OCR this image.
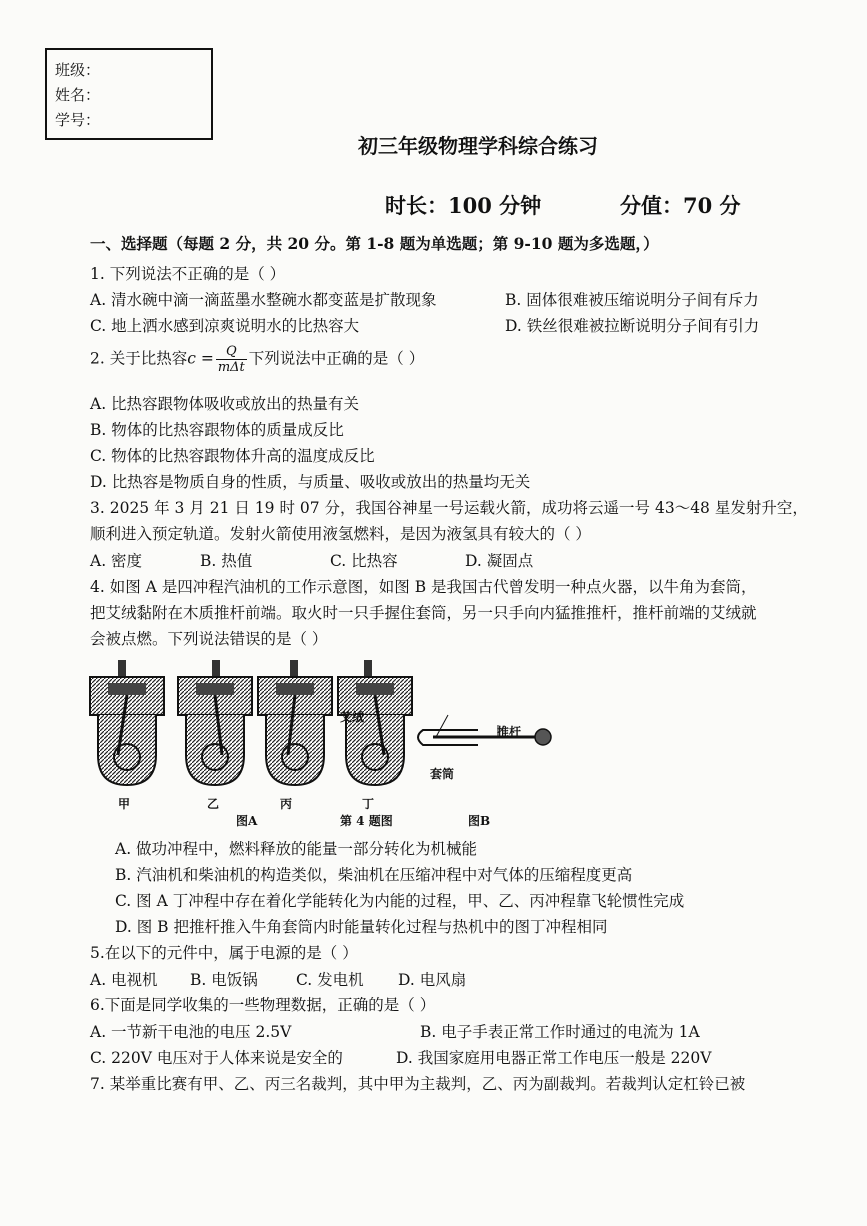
班级：
姓名：
学号：
初三年级物理学科综合练习
时长：100 分钟	分值：70 分
一、选择题（每题 2 分，共 20 分。第 1-8 题为单选题；第 9-10 题为多选题，）
1. 下列说法不正确的是（ ）
A. 清水碗中滴一滴蓝墨水整碗水都变蓝是扩散现象	B. 固体很难被压缩说明分子间有斥力
C. 地上洒水感到凉爽说明水的比热容大	D. 铁丝很难被拉断说明分子间有引力
2. 关于比热容$c = \frac{Q}{\text{mΔt}}$ 下列说法中正确的是（ ）
A. 比热容跟物体吸收或放出的热量有关
B. 物体的比热容跟物体的质量成反比
C. 物体的比热容跟物体升高的温度成反比
D. 比热容是物质自身的性质，与质量、吸收或放出的热量均无关
3. 2025 年 3 月 21 日 19 时 07 分，我国谷神星一号运载火箭，成功将云遥一号 43～48 星发射升空，
顺利进入预定轨道。发射火箭使用液氢燃料，是因为液氢具有较大的（ ）
A. 密度	B. 热值	C. 比热容	D. 凝固点
4. 如图 A 是四冲程汽油机的工作示意图，如图 B 是我国古代曾发明一种点火器，以牛角为套筒，
把艾绒黏附在木质推杆前端。取火时一只手握住套筒，另一只手向内猛推推杆，推杆前端的艾绒就
会被点燃。下列说法错误的是（ ）
艾绒
推杆
套筒
甲	乙	丙	丁
图A	第 4 题图	图B
A. 做功冲程中，燃料释放的能量一部分转化为机械能
B. 汽油机和柴油机的构造类似，柴油机在压缩冲程中对气体的压缩程度更高
C. 图 A 丁冲程中存在着化学能转化为内能的过程，甲、乙、丙冲程靠飞轮惯性完成
D. 图 B 把推杆推入牛角套筒内时能量转化过程与热机中的图丁冲程相同
5.在以下的元件中，属于电源的是（ ）
A. 电视机 B. 电饭锅 C. 发电机 D. 电风扇
6.下面是同学收集的一些物理数据，正确的是（ ）
A. 一节新干电池的电压 2.5V	B. 电子手表正常工作时通过的电流为 1A
C. 220V 电压对于人体来说是安全的	D. 我国家庭用电器正常工作电压一般是 220V
7. 某举重比赛有甲、乙、丙三名裁判，其中甲为主裁判，乙、丙为副裁判。若裁判认定杠铃已被
